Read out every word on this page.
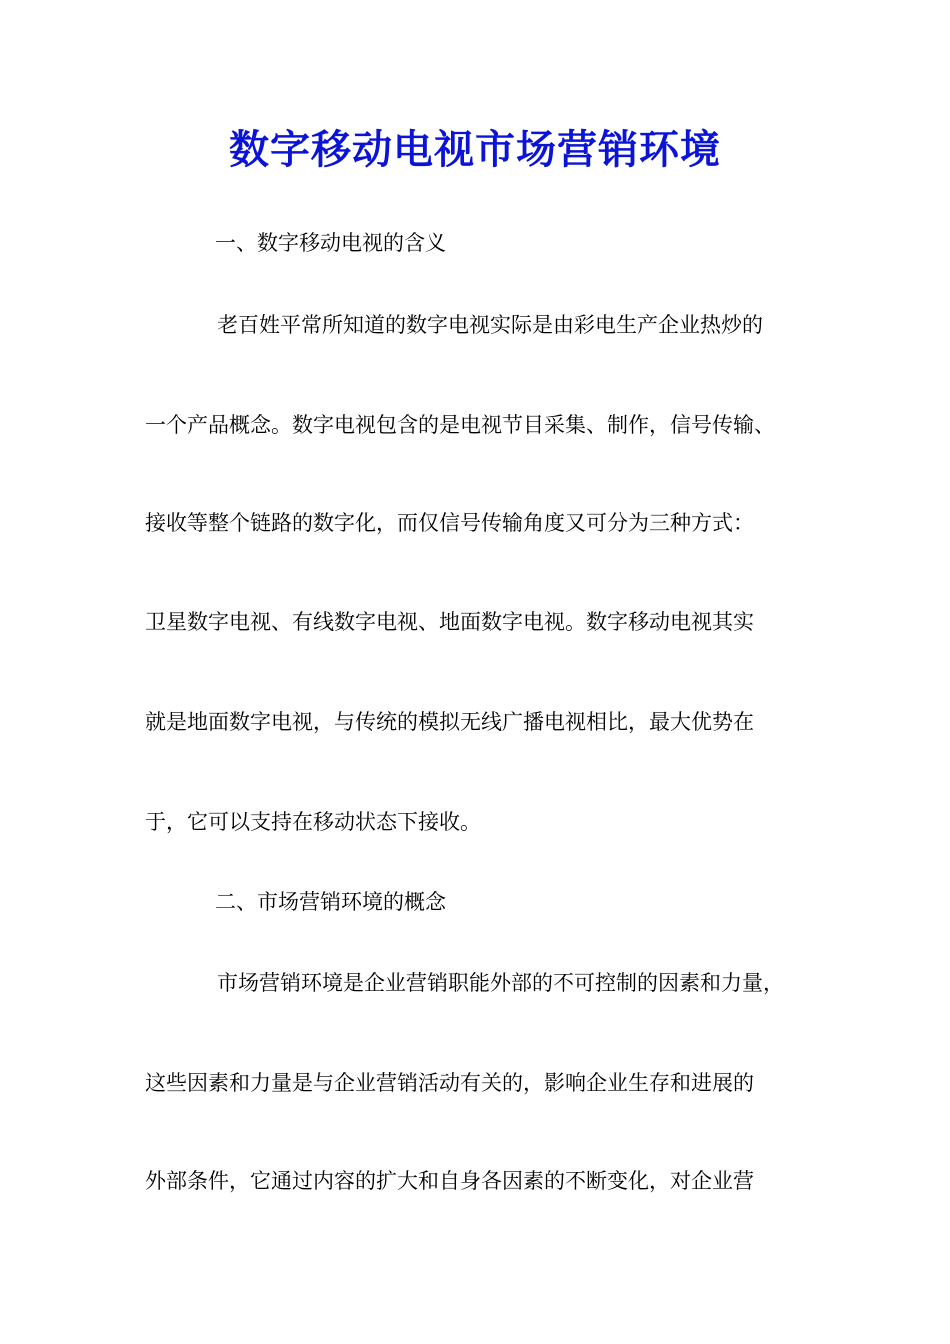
数字移动电视市场营销环境
一、数字移动电视的含义
老百姓平常所知道的数字电视实际是由彩电生产企业热炒的
一个产品概念。数字电视包含的是电视节目采集、制作，信号传输、
接收等整个链路的数字化，而仅信号传输角度又可分为三种方式：
卫星数字电视、有线数字电视、地面数字电视。数字移动电视其实
就是地面数字电视，与传统的模拟无线广播电视相比，最大优势在
于，它可以支持在移动状态下接收。
二、市场营销环境的概念
市场营销环境是企业营销职能外部的不可控制的因素和力量，
这些因素和力量是与企业营销活动有关的，影响企业生存和进展的
外部条件，它通过内容的扩大和自身各因素的不断变化，对企业营
